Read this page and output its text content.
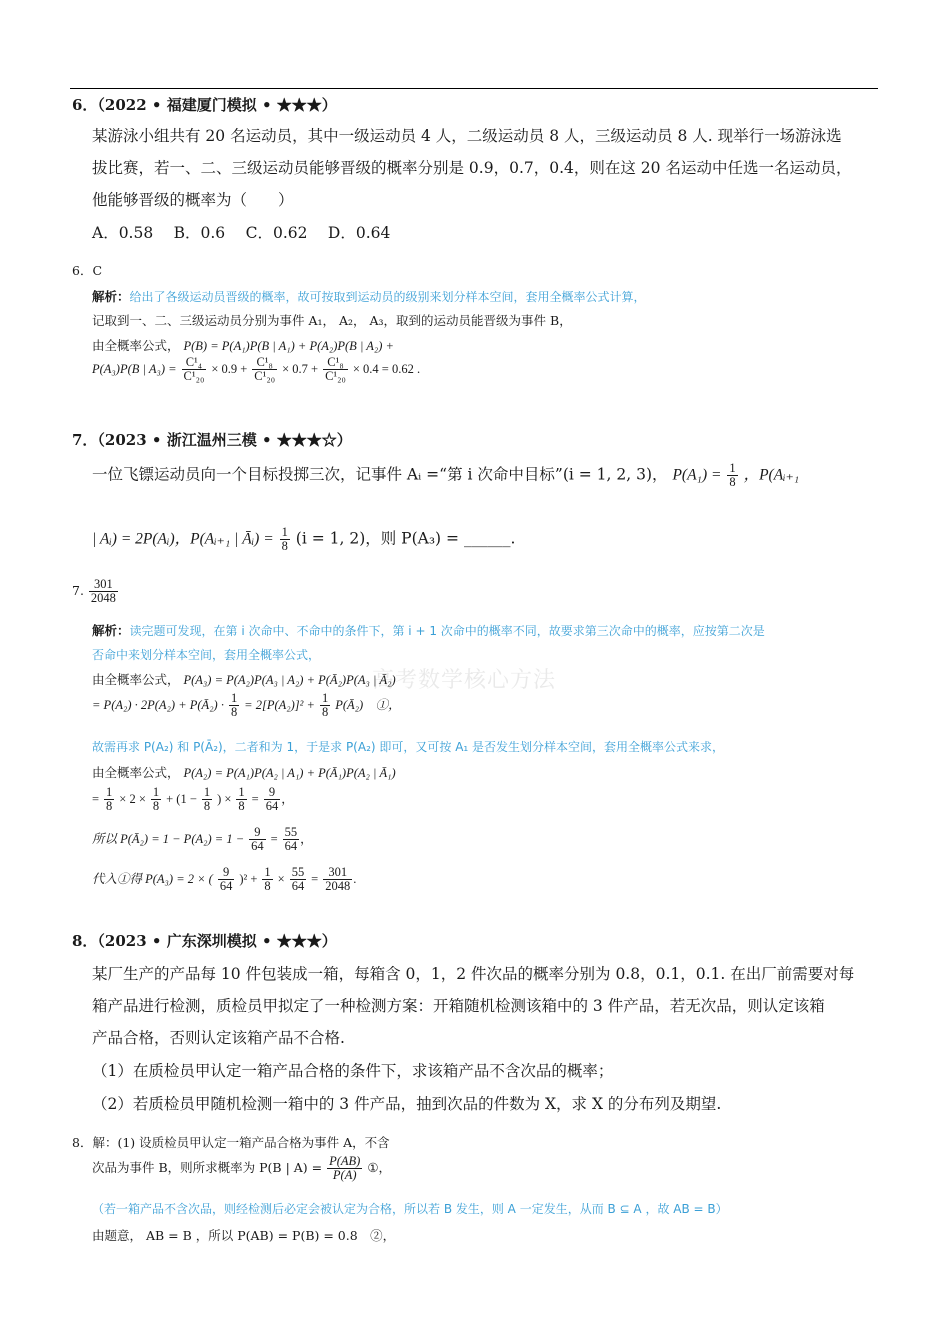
高考数学核心方法
6．（2022 • 福建厦门模拟 • ★★★）
某游泳小组共有 20 名运动员，其中一级运动员 4 人，二级运动员 8 人，三级运动员 8 人. 现举行一场游泳选
拔比赛，若一、二、三级运动员能够晋级的概率分别是 0.9，0.7，0.4，则在这 20 名运动中任选一名运动员，
他能够晋级的概率为（　　）
A．0.58　 B．0.6　 C．0.62　 D．0.64
6．C
解析：给出了各级运动员晋级的概率，故可按取到运动员的级别来划分样本空间，套用全概率公式计算，
记取到一、二、三级运动员分别为事件 A₁， A₂， A₃，取到的运动员能晋级为事件 B，
由全概率公式， P(B) = P(A₁)P(B | A₁) + P(A₂)P(B | A₂) +
P(A₃)P(B | $A_3) = \frac{\text{C¹₄}}{\text{C¹₂₀}} \times 0.9 + \frac{\text{C¹₈}}{\text{C¹₂₀}} \times 0.7 + \frac{\text{C¹₈}}{\text{C¹₂₀}} \times 0.4 = 0.62$ .
7．（2023 • 浙江温州三模 • ★★★☆）
一位飞镖运动员向一个目标投掷三次，记事件 Aᵢ =“第 i 次命中目标”(i = 1, 2, 3)， $P(A_1) = \frac{1}{8}$ ，P(Aᵢ₊₁
| Aᵢ) = 2P(Aᵢ)，P(Aᵢ₊₁ | Āᵢ) = $\frac{1}{8} (i = 1$, 2)，则 P(A₃) = ______.
7. $\frac{301}{2048}$
解析：读完题可发现，在第 i 次命中、不命中的条件下，第 i + 1 次命中的概率不同，故要求第三次命中的概率，应按第二次是
否命中来划分样本空间，套用全概率公式，
由全概率公式， P(A₃) = P(A₂)P(A₃ | A₂) + P(Ā₂)P(A₃ | Ā₂)
= P(A₂) · 2P(A₂) + P(Ā₂) · $\frac{1}{8} = 2[P(A_2)]^2 + \frac{1}{8}$ P(Ā₂)　①，
故需再求 P(A₂) 和 P(Ā₂)，二者和为 1，于是求 P(A₂) 即可，又可按 A₁ 是否发生划分样本空间，套用全概率公式来求，
由全概率公式， P(A₂) = P(A₁)P(A₂ | A₁) + P(Ā₁)P(A₂ | Ā₁)
= $\frac{1}{8} \times 2 \times \frac{1}{8} + (1 - \frac{1}{8}$ ) × $\frac{1}{8} = \frac{9}{64}$ ，
所以 P(Ā₂) = $1 - P(A_2) = 1 - \frac{9}{64} = \frac{55}{64}$ ，
代入①得 P(A₃) = 2 × ( $\frac{9}{64} )^2 + \frac{1}{8} \times \frac{55}{64} = \frac{301}{2048}$ .
8．（2023 • 广东深圳模拟 • ★★★）
某厂生产的产品每 10 件包装成一箱，每箱含 0，1，2 件次品的概率分别为 0.8，0.1，0.1. 在出厂前需要对每
箱产品进行检测，质检员甲拟定了一种检测方案：开箱随机检测该箱中的 3 件产品，若无次品，则认定该箱
产品合格，否则认定该箱产品不合格.
（1）在质检员甲认定一箱产品合格的条件下，求该箱产品不含次品的概率；
（2）若质检员甲随机检测一箱中的 3 件产品，抽到次品的件数为 X，求 X 的分布列及期望.
8．解：(1) 设质检员甲认定一箱产品合格为事件 A，不含
次品为事件 B，则所求概率为 P(B | $A) = \frac{P(AB)}{P(A)}$ ①，
（若一箱产品不含次品，则经检测后必定会被认定为合格，所以若 B 发生，则 A 一定发生，从而 B ⊆ A ，故 AB = B）
由题意， AB = B ，所以 P(AB) = P(B) = 0.8　②，
